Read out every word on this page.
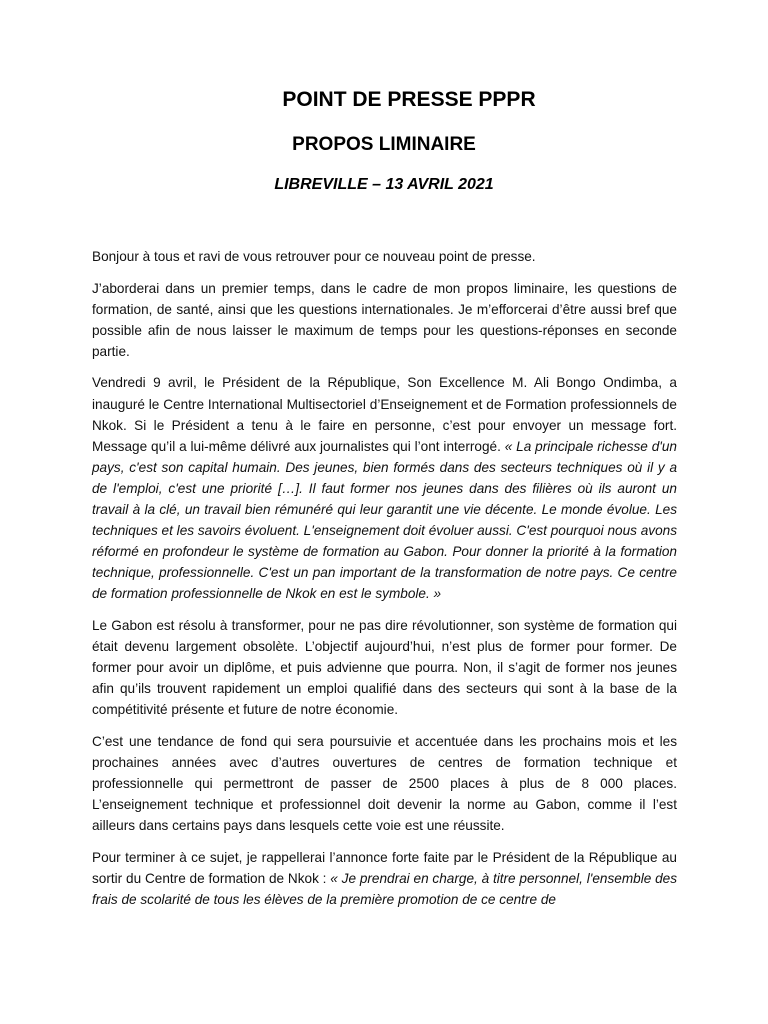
POINT DE PRESSE PPPR
PROPOS LIMINAIRE
LIBREVILLE – 13 AVRIL 2021

Bonjour à tous et ravi de vous retrouver pour ce nouveau point de presse.

J’aborderai dans un premier temps, dans le cadre de mon propos liminaire, les questions de formation, de santé, ainsi que les questions internationales. Je m’efforcerai d’être aussi bref que possible afin de nous laisser le maximum de temps pour les questions-réponses en seconde partie.

Vendredi 9 avril, le Président de la République, Son Excellence M. Ali Bongo Ondimba, a inauguré le Centre International Multisectoriel d’Enseignement et de Formation professionnels de Nkok. Si le Président a tenu à le faire en personne, c’est pour envoyer un message fort. Message qu’il a lui-même délivré aux journalistes qui l’ont interrogé. « La principale richesse d'un pays, c'est son capital humain. Des jeunes, bien formés dans des secteurs techniques où il y a de l'emploi, c'est une priorité […]. Il faut former nos jeunes dans des filières où ils auront un travail à la clé, un travail bien rémunéré qui leur garantit une vie décente. Le monde évolue. Les techniques et les savoirs évoluent. L'enseignement doit évoluer aussi. C'est pourquoi nous avons réformé en profondeur le système de formation au Gabon. Pour donner la priorité à la formation technique, professionnelle. C'est un pan important de la transformation de notre pays. Ce centre de formation professionnelle de Nkok en est le symbole. »

Le Gabon est résolu à transformer, pour ne pas dire révolutionner, son système de formation qui était devenu largement obsolète. L’objectif aujourd’hui, n’est plus de former pour former. De former pour avoir un diplôme, et puis advienne que pourra. Non, il s’agit de former nos jeunes afin qu’ils trouvent rapidement un emploi qualifié dans des secteurs qui sont à la base de la compétitivité présente et future de notre économie.

C’est une tendance de fond qui sera poursuivie et accentuée dans les prochains mois et les prochaines années avec d’autres ouvertures de centres de formation technique et professionnelle qui permettront de passer de 2500 places à plus de 8 000 places. L’enseignement technique et professionnel doit devenir la norme au Gabon, comme il l’est ailleurs dans certains pays dans lesquels cette voie est une réussite.

Pour terminer à ce sujet, je rappellerai l’annonce forte faite par le Président de la République au sortir du Centre de formation de Nkok : « Je prendrai en charge, à titre personnel, l'ensemble des frais de scolarité de tous les élèves de la première promotion de ce centre de
